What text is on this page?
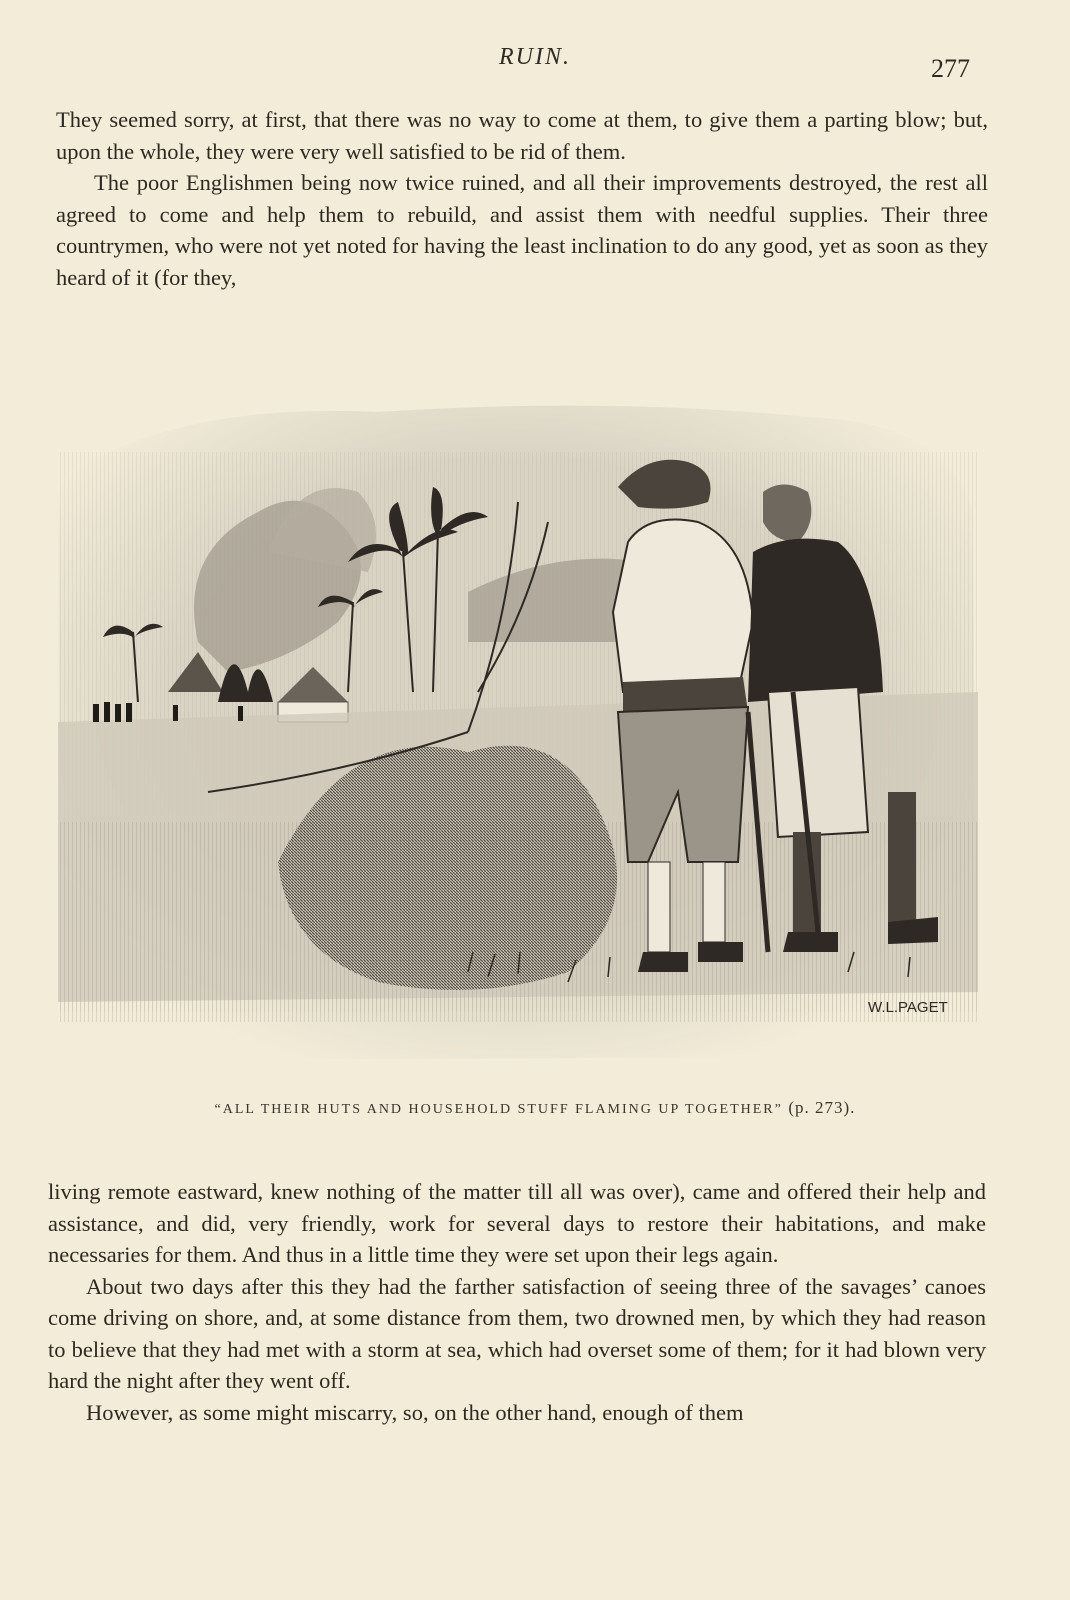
RUIN.	277

They seemed sorry, at first, that there was no way to come at them, to give them a parting blow; but, upon the whole, they were very well satisfied to be rid of them.

The poor Englishmen being now twice ruined, and all their improvements destroyed, the rest all agreed to come and help them to rebuild, and assist them with needful supplies. Their three countrymen, who were not yet noted for having the least inclination to do any good, yet as soon as they heard of it (for they,

W.L.PAGET
“ALL THEIR HUTS AND HOUSEHOLD STUFF FLAMING UP TOGETHER” (p. 273).

living remote eastward, knew nothing of the matter till all was over), came and offered their help and assistance, and did, very friendly, work for several days to restore their habitations, and make necessaries for them. And thus in a little time they were set upon their legs again.

About two days after this they had the farther satisfaction of seeing three of the savages’ canoes come driving on shore, and, at some distance from them, two drowned men, by which they had reason to believe that they had met with a storm at sea, which had overset some of them; for it had blown very hard the night after they went off.

However, as some might miscarry, so, on the other hand, enough of them
